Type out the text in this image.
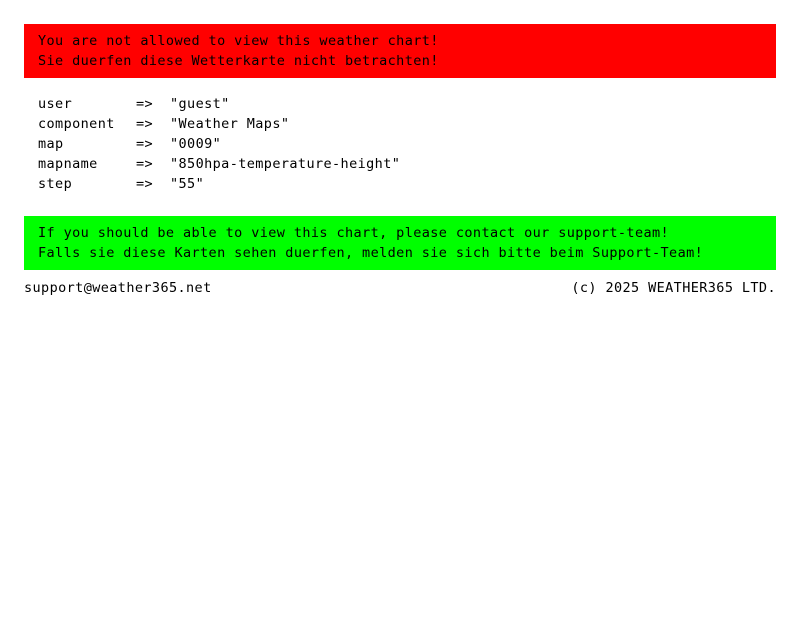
You are not allowed to view this weather chart!
Sie duerfen diese Wetterkarte nicht betrachten!
user	=>	"guest"
component	=>	"Weather Maps"
map	=>	"0009"
mapname	=>	"850hpa-temperature-height"
step	=>	"55"
If you should be able to view this chart, please contact our support-team!
Falls sie diese Karten sehen duerfen, melden sie sich bitte beim Support-Team!
support@weather365.net	(c) 2025 WEATHER365 LTD.
